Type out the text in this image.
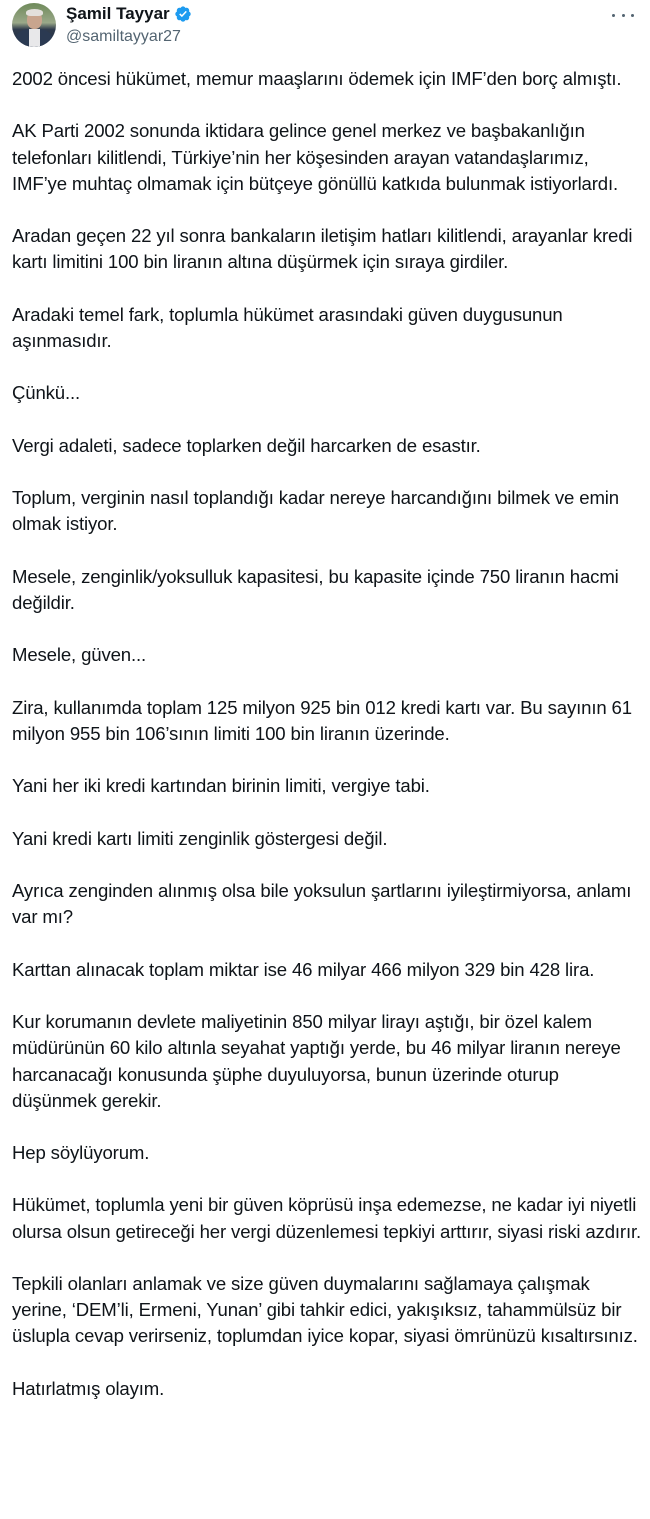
Şamil Tayyar
@samiltayyar27

2002 öncesi hükümet, memur maaşlarını ödemek için IMF’den borç almıştı.

AK Parti 2002 sonunda iktidara gelince genel merkez ve başbakanlığın telefonları kilitlendi, Türkiye’nin her köşesinden arayan vatandaşlarımız, IMF’ye muhtaç olmamak için bütçeye gönüllü katkıda bulunmak istiyorlardı.

Aradan geçen 22 yıl sonra bankaların iletişim hatları kilitlendi, arayanlar kredi kartı limitini 100 bin liranın altına düşürmek için sıraya girdiler.

Aradaki temel fark, toplumla hükümet arasındaki güven duygusunun aşınmasıdır.

Çünkü...

Vergi adaleti, sadece toplarken değil harcarken de esastır.

Toplum, verginin nasıl toplandığı kadar nereye harcandığını bilmek ve emin olmak istiyor.

Mesele, zenginlik/yoksulluk kapasitesi, bu kapasite içinde 750 liranın hacmi değildir.

Mesele, güven...

Zira, kullanımda toplam 125 milyon 925 bin 012 kredi kartı var. Bu sayının 61 milyon 955 bin 106’sının limiti 100 bin liranın üzerinde.

Yani her iki kredi kartından birinin limiti, vergiye tabi.

Yani kredi kartı limiti zenginlik göstergesi değil.

Ayrıca zenginden alınmış olsa bile yoksulun şartlarını iyileştirmiyorsa, anlamı var mı?

Karttan alınacak toplam miktar ise 46 milyar 466 milyon 329 bin 428 lira.

Kur korumanın devlete maliyetinin 850 milyar lirayı aştığı, bir özel kalem müdürünün 60 kilo altınla seyahat yaptığı yerde, bu 46 milyar liranın nereye harcanacağı konusunda şüphe duyuluyorsa, bunun üzerinde oturup düşünmek gerekir.

Hep söylüyorum.

Hükümet, toplumla yeni bir güven köprüsü inşa edemezse, ne kadar iyi niyetli olursa olsun getireceği her vergi düzenlemesi tepkiyi arttırır, siyasi riski azdırır.

Tepkili olanları anlamak ve size güven duymalarını sağlamaya çalışmak yerine, ‘DEM’li, Ermeni, Yunan’ gibi tahkir edici, yakışıksız, tahammülsüz bir üslupla cevap verirseniz, toplumdan iyice kopar, siyasi ömrünüzü kısaltırsınız.

Hatırlatmış olayım.
